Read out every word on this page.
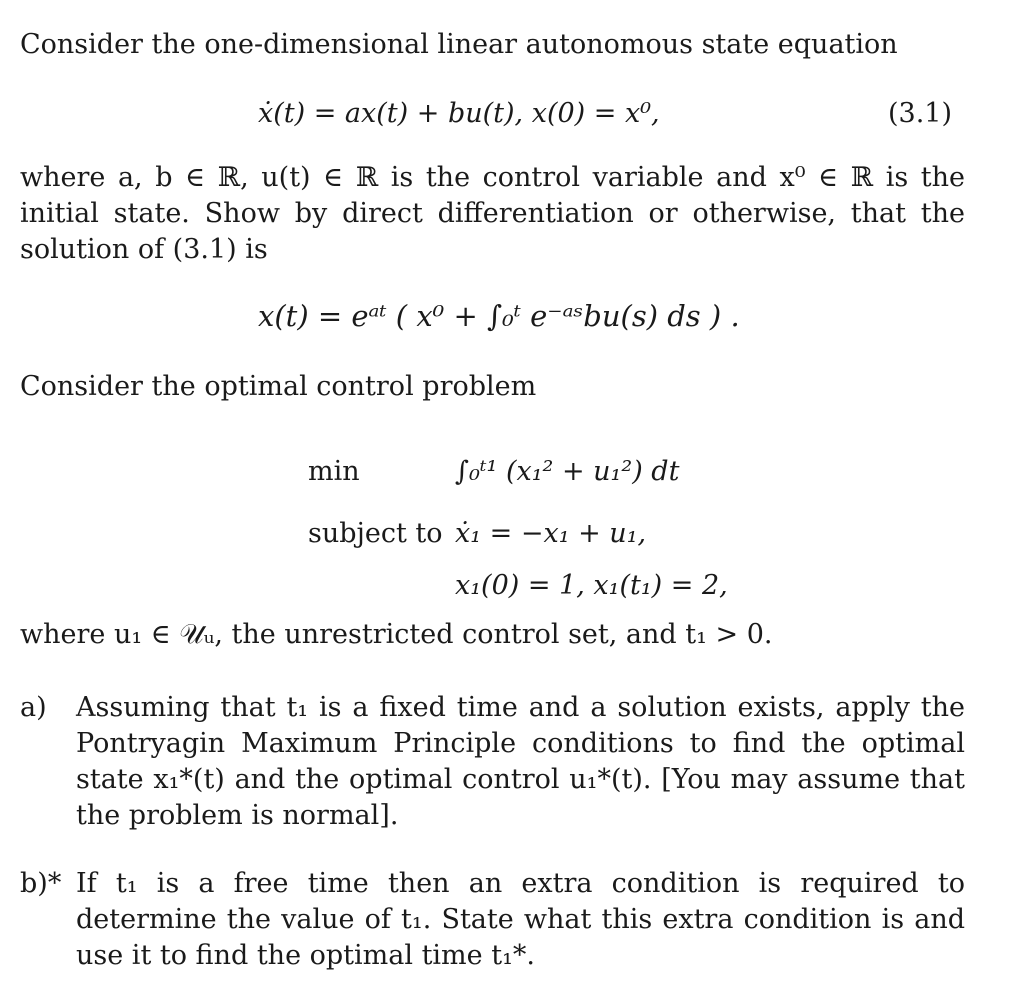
Consider the one-dimensional linear autonomous state equation
ẋ(t) = ax(t) + bu(t), x(0) = x⁰,	(3.1)
where a, b ∈ ℝ, u(t) ∈ ℝ is the control variable and x⁰ ∈ ℝ is the initial state. Show by direct differentiation or otherwise, that the solution of (3.1) is
x(t) = eᵃᵗ ( x⁰ + ∫₀ᵗ e⁻ᵃˢbu(s) ds ) .
Consider the optimal control problem
min	∫₀ᵗ¹ (x₁² + u₁²) dt
subject to ẋ₁ = −x₁ + u₁,
x₁(0) = 1, x₁(t₁) = 2,
where u₁ ∈ 𝒰ᵤ, the unrestricted control set, and t₁ > 0.
a) Assuming that t₁ is a fixed time and a solution exists, apply the Pontryagin Maximum Principle conditions to find the optimal state x₁*(t) and the optimal control u₁*(t). [You may assume that the problem is normal].
b)* If t₁ is a free time then an extra condition is required to determine the value of t₁. State what this extra condition is and use it to find the optimal time t₁*.
